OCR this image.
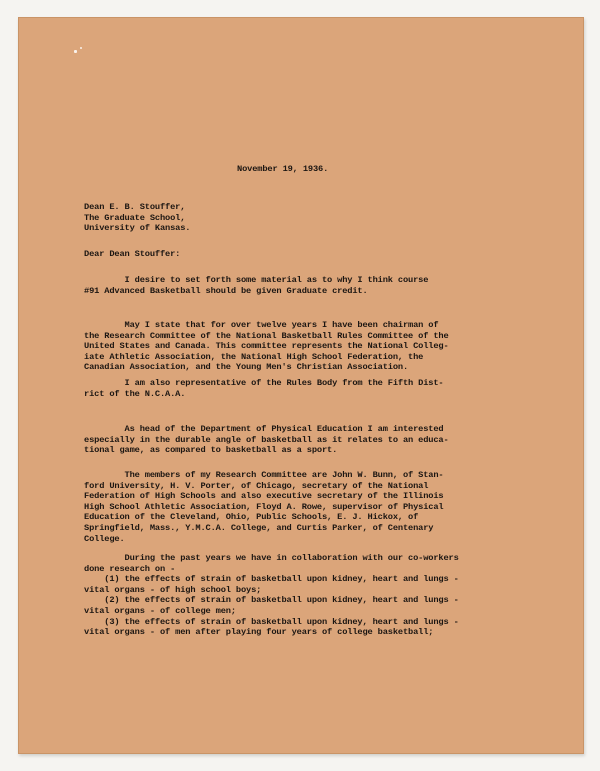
November 19, 1936.
Dean E. B. Stouffer,
The Graduate School,
University of Kansas.
Dear Dean Stouffer:
I desire to set forth some material as to why I think course
#91 Advanced Basketball should be given Graduate credit.
May I state that for over twelve years I have been chairman of
the Research Committee of the National Basketball Rules Committee of the
United States and Canada. This committee represents the National Colleg-
iate Athletic Association, the National High School Federation, the
Canadian Association, and the Young Men's Christian Association.
I am also representative of the Rules Body from the Fifth Dist-
rict of the N.C.A.A.
As head of the Department of Physical Education I am interested
especially in the durable angle of basketball as it relates to an educa-
tional game, as compared to basketball as a sport.
The members of my Research Committee are John W. Bunn, of Stan-
ford University, H. V. Porter, of Chicago, secretary of the National
Federation of High Schools and also executive secretary of the Illinois
High School Athletic Association, Floyd A. Rowe, supervisor of Physical
Education of the Cleveland, Ohio, Public Schools, E. J. Hickox, of
Springfield, Mass., Y.M.C.A. College, and Curtis Parker, of Centenary
College.
During the past years we have in collaboration with our co-workers
done research on -
(1) the effects of strain of basketball upon kidney, heart and lungs -
vital organs - of high school boys;
(2) the effects of strain of basketball upon kidney, heart and lungs -
vital organs - of college men;
(3) the effects of strain of basketball upon kidney, heart and lungs -
vital organs - of men after playing four years of college basketball;
